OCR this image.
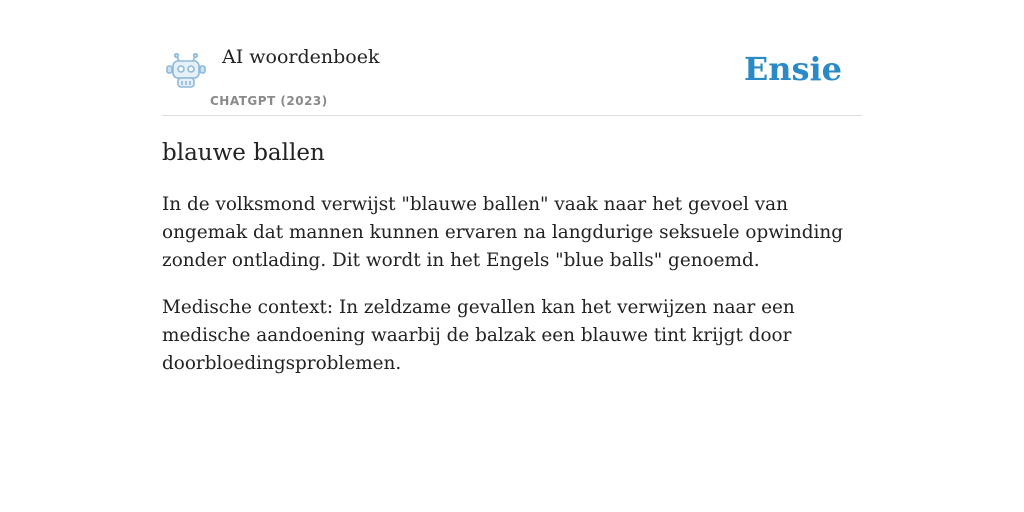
AI woordenboek
CHATGPT (2023)
Ensie
blauwe ballen

In de volksmond verwijst "blauwe ballen" vaak naar het gevoel van ongemak dat mannen kunnen ervaren na langdurige seksuele opwinding zonder ontlading. Dit wordt in het Engels "blue balls" genoemd.

Medische context: In zeldzame gevallen kan het verwijzen naar een medische aandoening waarbij de balzak een blauwe tint krijgt door doorbloedingsproblemen.
